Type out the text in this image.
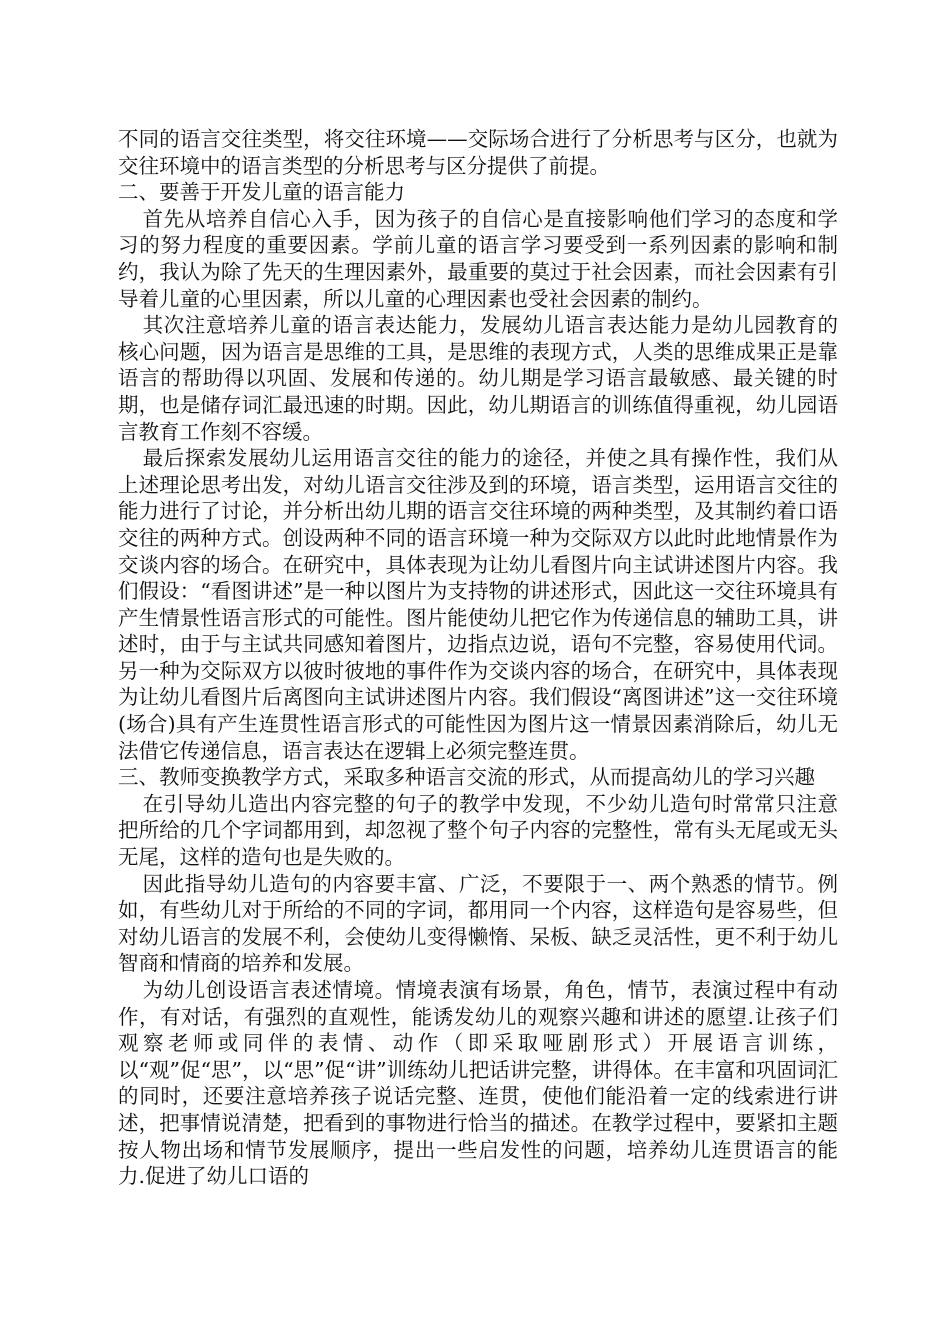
不同的语言交往类型，将交往环境——交际场合进行了分析思考与区分，也就为交往环境中的语言类型的分析思考与区分提供了前提。

二、要善于开发儿童的语言能力

首先从培养自信心入手，因为孩子的自信心是直接影响他们学习的态度和学习的努力程度的重要因素。学前儿童的语言学习要受到一系列因素的影响和制约，我认为除了先天的生理因素外，最重要的莫过于社会因素，而社会因素有引导着儿童的心里因素，所以儿童的心理因素也受社会因素的制约。

其次注意培养儿童的语言表达能力，发展幼儿语言表达能力是幼儿园教育的核心问题，因为语言是思维的工具，是思维的表现方式，人类的思维成果正是靠语言的帮助得以巩固、发展和传递的。幼儿期是学习语言最敏感、最关键的时期，也是储存词汇最迅速的时期。因此，幼儿期语言的训练值得重视，幼儿园语言教育工作刻不容缓。

最后探索发展幼儿运用语言交往的能力的途径，并使之具有操作性，我们从上述理论思考出发，对幼儿语言交往涉及到的环境，语言类型，运用语言交往的能力进行了讨论，并分析出幼儿期的语言交往环境的两种类型，及其制约着口语交往的两种方式。创设两种不同的语言环境一种为交际双方以此时此地情景作为交谈内容的场合。在研究中，具体表现为让幼儿看图片向主试讲述图片内容。我们假设：“看图讲述”是一种以图片为支持物的讲述形式，因此这一交往环境具有产生情景性语言形式的可能性。图片能使幼儿把它作为传递信息的辅助工具，讲述时，由于与主试共同感知着图片，边指点边说，语句不完整，容易使用代词。另一种为交际双方以彼时彼地的事件作为交谈内容的场合，在研究中，具体表现为让幼儿看图片后离图向主试讲述图片内容。我们假设“离图讲述”这一交往环境(场合)具有产生连贯性语言形式的可能性因为图片这一情景因素消除后，幼儿无法借它传递信息，语言表达在逻辑上必须完整连贯。

三、教师变换教学方式，采取多种语言交流的形式，从而提高幼儿的学习兴趣

在引导幼儿造出内容完整的句子的教学中发现，不少幼儿造句时常常只注意把所给的几个字词都用到，却忽视了整个句子内容的完整性，常有头无尾或无头无尾，这样的造句也是失败的。

因此指导幼儿造句的内容要丰富、广泛，不要限于一、两个熟悉的情节。例如，有些幼儿对于所给的不同的字词，都用同一个内容，这样造句是容易些，但对幼儿语言的发展不利，会使幼儿变得懒惰、呆板、缺乏灵活性，更不利于幼儿智商和情商的培养和发展。

为幼儿创设语言表述情境。情境表演有场景，角色，情节，表演过程中有动作，有对话，有强烈的直观性，能诱发幼儿的观察兴趣和讲述的愿望.让孩子们观察老师或同伴的表情、动作（即采取哑剧形式）开展语言训练，以“观”促“思”，以“思”促“讲”训练幼儿把话讲完整，讲得体。在丰富和巩固词汇的同时，还要注意培养孩子说话完整、连贯，使他们能沿着一定的线索进行讲述，把事情说清楚，把看到的事物进行恰当的描述。在教学过程中，要紧扣主题按人物出场和情节发展顺序，提出一些启发性的问题，培养幼儿连贯语言的能力.促进了幼儿口语的
